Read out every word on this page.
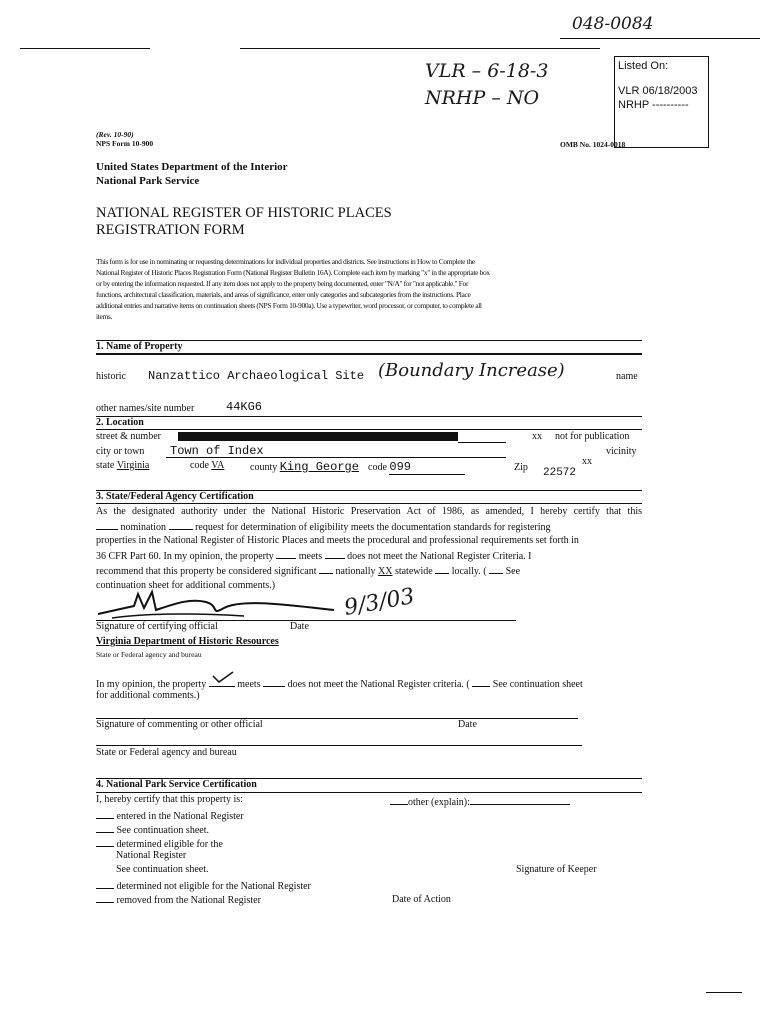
048-0084
VLR – 6-18-3
NRHP – NO
Listed On:
VLR 06/18/2003
NRHP ----------
(Rev. 10-90)
NPS Form 10-900	OMB No. 1024-0018
United States Department of the Interior
National Park Service
NATIONAL REGISTER OF HISTORIC PLACES
REGISTRATION FORM
This form is for use in nominating or requesting determinations for individual properties and districts. See instructions in How to Complete the
National Register of Historic Places Registration Form (National Register Bulletin 16A). Complete each item by marking "x" in the appropriate box
or by entering the information requested. If any item does not apply to the property being documented, enter "N/A" for "not applicable." For
functions, architectural classification, materials, and areas of significance, enter only categories and subcategories from the instructions. Place
additional entries and narrative items on continuation sheets (NPS Form 10-900a). Use a typewriter, word processor, or computer, to complete all
items.
1. Name of Property
historic Nanzattico Archaeological Site (Boundary Increase)	name
other names/site number	44KG6
2. Location
street & number	xx not for publication
city or town Town of Index
xx
vicinity
state Virginia	code VA	county King George code 099	Zip 22572
3. State/Federal Agency Certification
As the designated authority under the National Historic Preservation Act of 1986, as amended, I hereby certify that this
nomination	request for determination of eligibility meets the documentation standards for registering
properties in the National Register of Historic Places and meets the procedural and professional requirements set forth in
36 CFR Part 60. In my opinion, the property	meets	does not meet the National Register Criteria. I
recommend that this property be considered significant nationally XX statewide locally. ( See
continuation sheet for additional comments.)	9/3/03
Signature of certifying official	Date
Virginia Department of Historic Resources
State or Federal agency and bureau
In my opinion, the property	meets	does not meet the National Register criteria. ( See continuation sheet
for additional comments.)
Signature of commenting or other official	Date
State or Federal agency and bureau
4. National Park Service Certification
I, hereby certify that this property is:	other (explain):
entered in the National Register
See continuation sheet.
determined eligible for the
National Register
See continuation sheet.	Signature of Keeper
determined not eligible for the National Register
removed from the National Register	Date of Action
